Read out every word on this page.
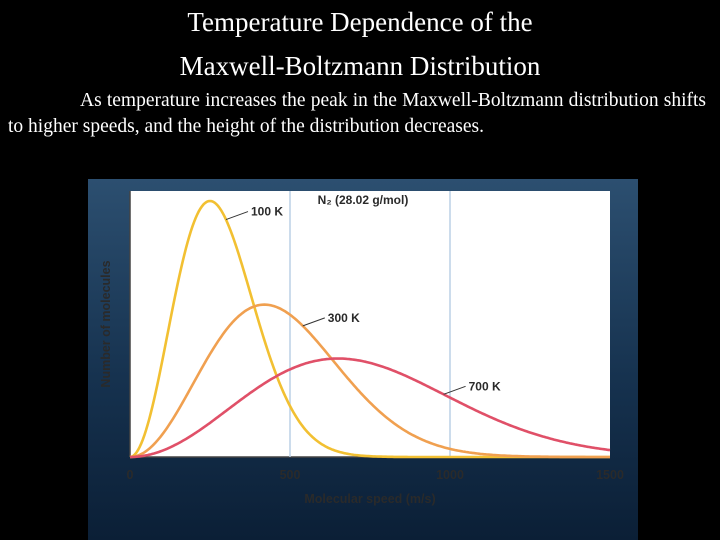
Temperature Dependence of the
Maxwell-Boltzmann Distribution
As temperature increases the peak in the Maxwell-Boltzmann distribution shifts to higher speeds, and the height of the distribution decreases.
0	500	1000	1500
100 K
300 K
700 K
N₂ (28.02 g/mol)
Molecular speed (m/s)
Number of molecules
